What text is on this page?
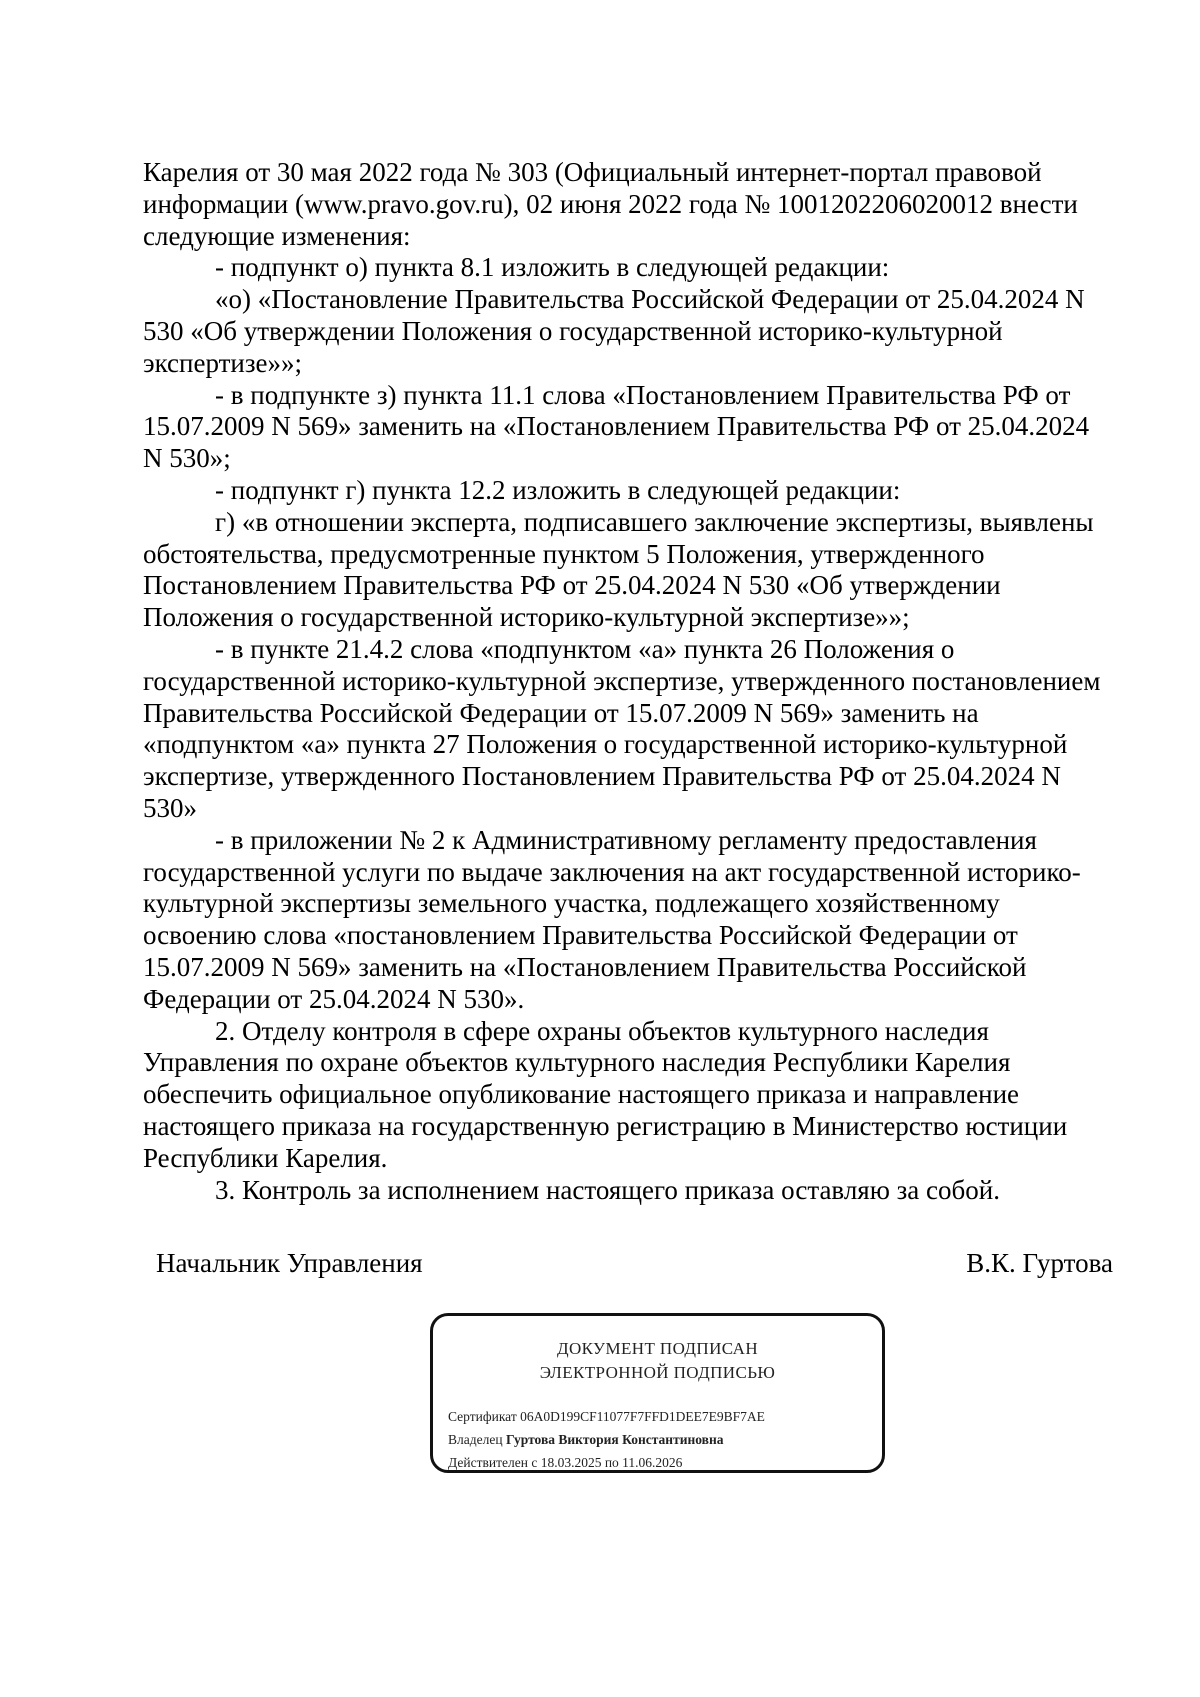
Карелия от 30 мая 2022 года № 303 (Официальный интернет-портал правовой информации (www.pravo.gov.ru), 02 июня 2022 года № 1001202206020012 внести следующие изменения:

- подпункт о) пункта 8.1 изложить в следующей редакции:

«о) «Постановление Правительства Российской Федерации от 25.04.2024 N 530 «Об утверждении Положения о государственной историко-культурной экспертизе»»;

- в подпункте з) пункта 11.1 слова «Постановлением Правительства РФ от 15.07.2009 N 569» заменить на «Постановлением Правительства РФ от 25.04.2024 N 530»;

- подпункт г) пункта 12.2 изложить в следующей редакции:

г) «в отношении эксперта, подписавшего заключение экспертизы, выявлены обстоятельства, предусмотренные пунктом 5 Положения, утвержденного Постановлением Правительства РФ от 25.04.2024 N 530 «Об утверждении Положения о государственной историко-культурной экспертизе»»;

- в пункте 21.4.2 слова «подпунктом «а» пункта 26 Положения о государственной историко-культурной экспертизе, утвержденного постановлением Правительства Российской Федерации от 15.07.2009 N 569» заменить на «подпунктом «а» пункта 27 Положения о государственной историко-культурной экспертизе, утвержденного Постановлением Правительства РФ от 25.04.2024 N 530»

- в приложении № 2 к Административному регламенту предоставления государственной услуги по выдаче заключения на акт государственной историко-культурной экспертизы земельного участка, подлежащего хозяйственному освоению слова «постановлением Правительства Российской Федерации от 15.07.2009 N 569» заменить на «Постановлением Правительства Российской Федерации от 25.04.2024 N 530».

2. Отделу контроля в сфере охраны объектов культурного наследия Управления по охране объектов культурного наследия Республики Карелия обеспечить официальное опубликование настоящего приказа и направление настоящего приказа на государственную регистрацию в Министерство юстиции Республики Карелия.

3. Контроль за исполнением настоящего приказа оставляю за собой.

Начальник Управления	В.К. Гуртова
ДОКУМЕНТ ПОДПИСАН
ЭЛЕКТРОННОЙ ПОДПИСЬЮ
Сертификат 06A0D199CF11077F7FFD1DEE7E9BF7AE
Владелец Гуртова Виктория Константиновна
Действителен с 18.03.2025 по 11.06.2026
